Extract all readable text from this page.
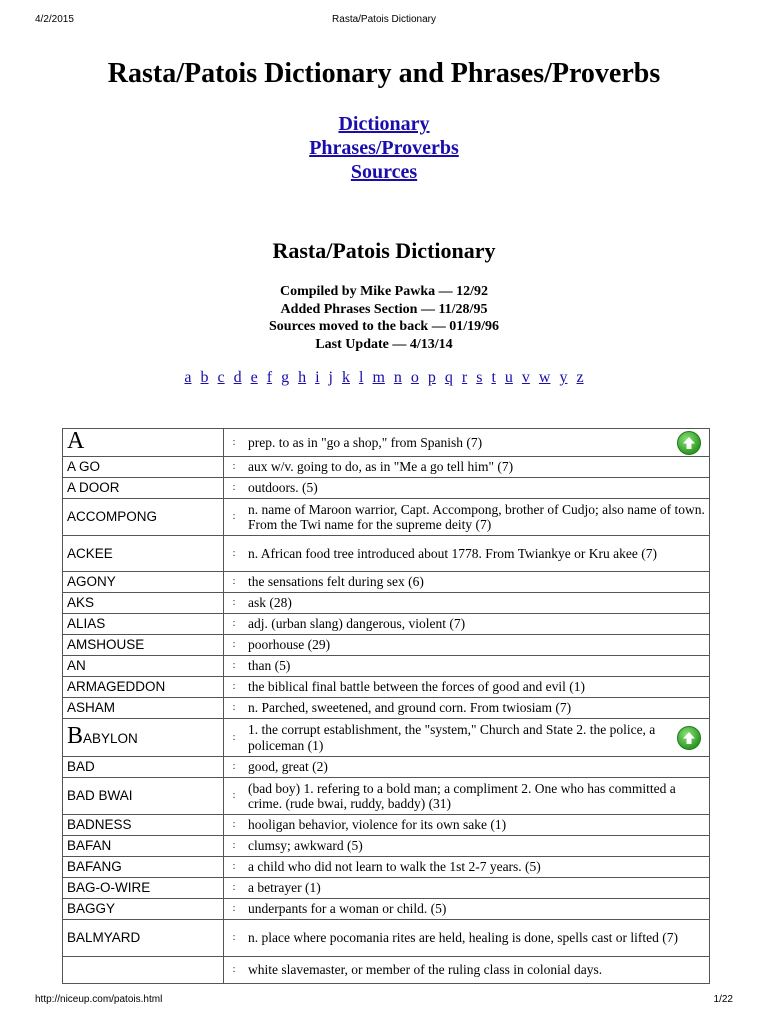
4/2/2015	Rasta/Patois Dictionary
Rasta/Patois Dictionary and Phrases/Proverbs
Dictionary
Phrases/Proverbs
Sources
Rasta/Patois Dictionary
Compiled by Mike Pawka — 12/92
Added Phrases Section — 11/28/95
Sources moved to the back — 01/19/96
Last Update — 4/13/14
a b c d e f g h i j k l m n o p q r s t u v w y z
A	:	prep. to as in "go a shop," from Spanish (7)

A GO	:	aux w/v. going to do, as in "Me a go tell him" (7)
A DOOR	:	outdoors. (5)
ACCOMPONG	:	n. name of Maroon warrior, Capt. Accompong, brother of Cudjo; also name of town. From the Twi name for the supreme deity (7)
ACKEE	:	n. African food tree introduced about 1778. From Twiankye or Kru akee (7)
AGONY	:	the sensations felt during sex (6)
AKS	:	ask (28)
ALIAS	:	adj. (urban slang) dangerous, violent (7)
AMSHOUSE	:	poorhouse (29)
AN	:	than (5)
ARMAGEDDON	:	the biblical final battle between the forces of good and evil (1)
ASHAM	:	n. Parched, sweetened, and ground corn. From twiosiam (7)
BABYLON	:	1. the corrupt establishment, the "system," Church and State 2. the police, a policeman (1)

BAD	:	good, great (2)
BAD BWAI	:	(bad boy) 1. refering to a bold man; a compliment 2. One who has committed a crime. (rude bwai, ruddy, baddy) (31)
BADNESS	:	hooligan behavior, violence for its own sake (1)
BAFAN	:	clumsy; awkward (5)
BAFANG	:	a child who did not learn to walk the 1st 2-7 years. (5)
BAG-O-WIRE	:	a betrayer (1)
BAGGY	:	underpants for a woman or child. (5)
BALMYARD	:	n. place where pocomania rites are held, healing is done, spells cast or lifted (7)
	:	white slavemaster, or member of the ruling class in colonial days.
http://niceup.com/patois.html	1/22
